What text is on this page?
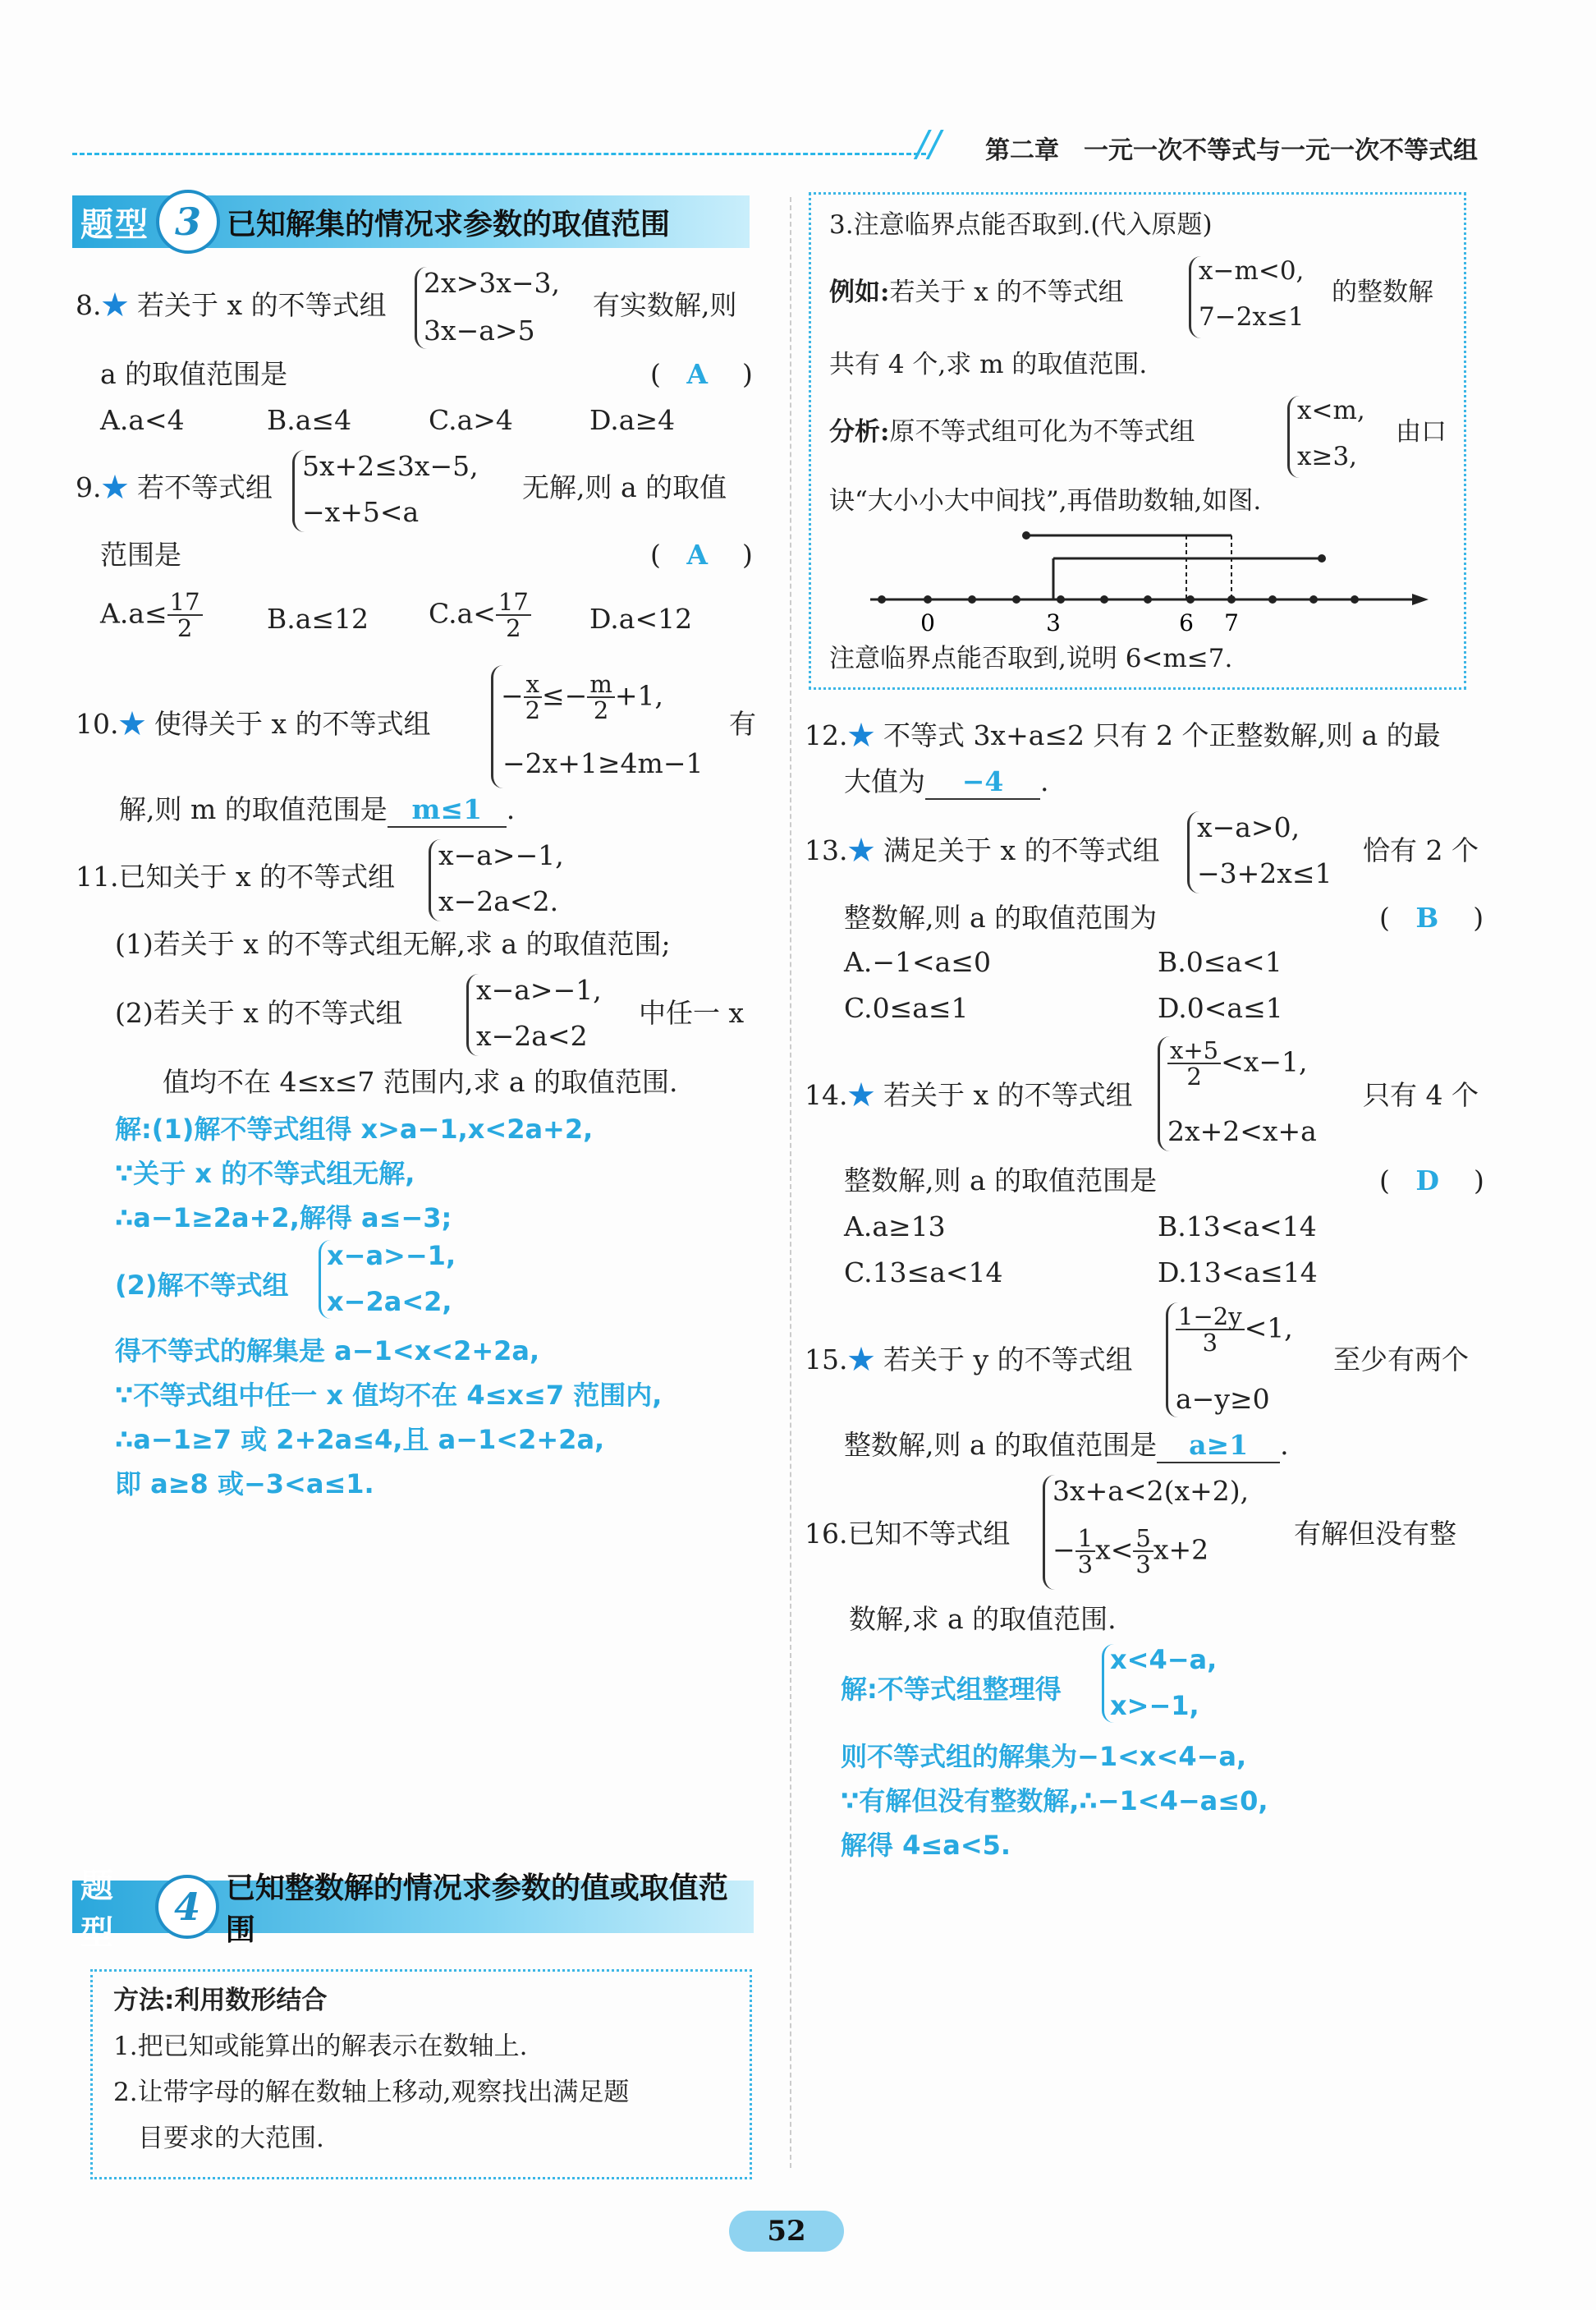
// 第二章　一元一次不等式与一元一次不等式组
题型 3 已知解集的情况求参数的取值范围
8.★ 若关于 x 的不等式组
2x>3x−3,
3x−a>5
有实数解,则
a 的取值范围是	( A )
A.a<4	B.a≤4	C.a>4	D.a≥4
9.★ 若不等式组
5x+2≤3x−5,
−x+5<a
无解,则 a 的取值
范围是	( A )
$A.a\le \frac{17}{2} B.a\le 12$ $C.a< \frac{17}{2} D.a<12$
10.★ 使得关于 x 的不等式组
− $\frac{x}{2} \le- \frac{m}{2} +1$,
−2x+1≥4m−1
有
解,则 m 的取值范围是 m≤1 .
11.已知关于 x 的不等式组
x−a>−1,
x−2a<2.
(1)若关于 x 的不等式组无解,求 a 的取值范围;
(2)若关于 x 的不等式组
x−a>−1,
x−2a<2
中任一 x
值均不在 4≤x≤7 范围内,求 a 的取值范围.
解:(1)解不等式组得 x>a−1,x<2a+2,
∵关于 x 的不等式组无解,
∴a−1≥2a+2,解得 a≤−3;
(2)解不等式组
x−a>−1,
x−2a<2,
得不等式的解集是 a−1<x<2+2a,
∵不等式组中任一 x 值均不在 4≤x≤7 范围内,
∴a−1≥7 或 2+2a≤4,且 a−1<2+2a,
即 a≥8 或−3<a≤1.
3.注意临界点能否取到.(代入原题)
例如:若关于 x 的不等式组
x−m<0,
7−2x≤1
的整数解
共有 4 个,求 m 的取值范围.
分析:原不等式组可化为不等式组
x<m,
x≥3,
由口
诀“大小小大中间找”,再借助数轴,如图.
0	3	6 7
注意临界点能否取到,说明 6<m≤7.
12.★ 不等式 3x+a≤2 只有 2 个正整数解,则 a 的最
大值为 −4 .
13.★ 满足关于 x 的不等式组
x−a>0,
−3+2x≤1
恰有 2 个
整数解,则 a 的取值范围为	( B )
A.−1<a≤0	B.0≤a<1
C.0≤a≤1	D.0<a≤1
14.★ 若关于 x 的不等式组
$\frac{x+5}{2} <x-1$,
2x+2<x+a
只有 4 个
整数解,则 a 的取值范围是	( D )
A.a≥13	B.13<a<14
C.13≤a<14	D.13<a≤14
15.★ 若关于 y 的不等式组
$\frac{1-2y}{3} <1$,
a−y≥0
至少有两个
整数解,则 a 的取值范围是 a≥1 .
16.已知不等式组
3x+a<2(x+2),
− $\frac{1}{3} x< \frac{5}{3} x+2$	有解但没有整
数解,求 a 的取值范围.
解:不等式组整理得
x<4−a,
x>−1,
则不等式组的解集为−1<x<4−a,
∵有解但没有整数解,∴−1<4−a≤0,
解得 4≤a<5.
题型
4 已知整数解的情况求参数的值或取值范围
方法:利用数形结合
1.把已知或能算出的解表示在数轴上.
2.让带字母的解在数轴上移动,观察找出满足题
目要求的大范围.
52
